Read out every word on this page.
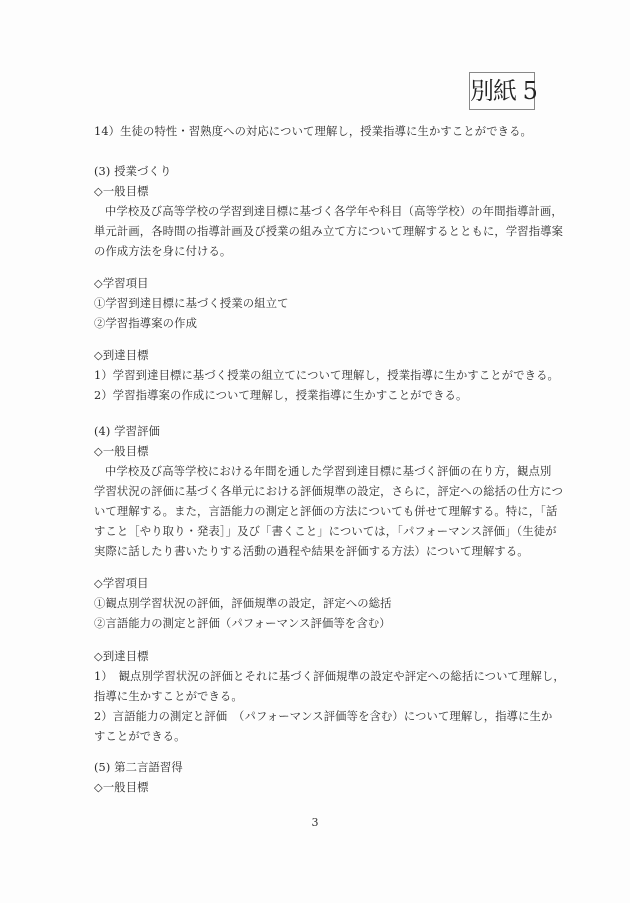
別紙 5
14）生徒の特性・習熟度への対応について理解し，授業指導に生かすことができる。
(3) 授業づくり
◇一般目標
中学校及び高等学校の学習到達目標に基づく各学年や科目（高等学校）の年間指導計画，
単元計画，各時間の指導計画及び授業の組み立て方について理解するとともに，学習指導案
の作成方法を身に付ける。
◇学習項目
①学習到達目標に基づく授業の組立て
②学習指導案の作成
◇到達目標
1）学習到達目標に基づく授業の組立てについて理解し，授業指導に生かすことができる。
2）学習指導案の作成について理解し，授業指導に生かすことができる。
(4) 学習評価
◇一般目標
中学校及び高等学校における年間を通した学習到達目標に基づく評価の在り方，観点別
学習状況の評価に基づく各単元における評価規準の設定，さらに，評定への総括の仕方につ
いて理解する。また，言語能力の測定と評価の方法についても併せて理解する。特に，「話
すこと［やり取り・発表］」及び「書くこと」については，「パフォーマンス評価」（生徒が
実際に話したり書いたりする活動の過程や結果を評価する方法）について理解する。
◇学習項目
①観点別学習状況の評価，評価規準の設定，評定への総括
②言語能力の測定と評価（パフォーマンス評価等を含む）
◇到達目標
1）　観点別学習状況の評価とそれに基づく評価規準の設定や評定への総括について理解し，
指導に生かすことができる。
2）言語能力の測定と評価　（パフォーマンス評価等を含む）について理解し，指導に生か
すことができる。
(5) 第二言語習得
◇一般目標
3
